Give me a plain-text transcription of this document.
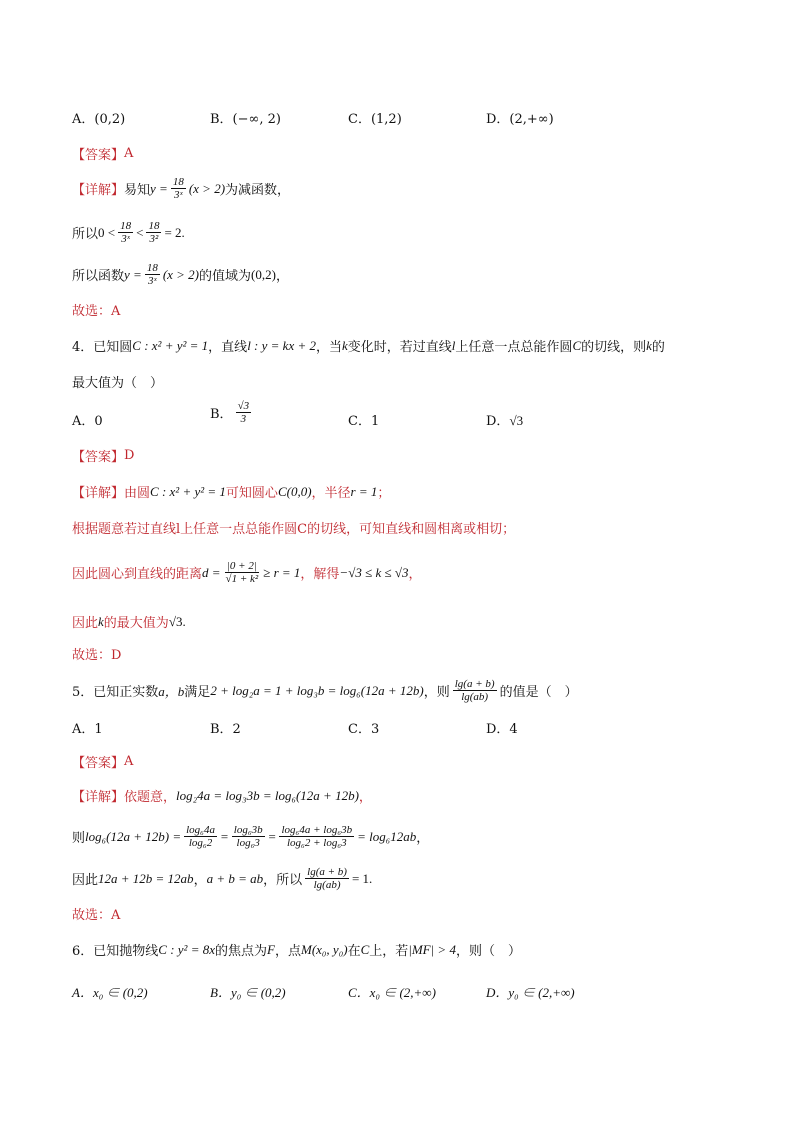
A．(0,2)	B．(−∞, 2)	C．(1,2)	D．(2,+∞)
【答案】 A
【详解】 易知 $y = \frac{18}{\text{3ˣ}} (x > 2)$ 为减函数，
所以 $0 < \frac{18}{\text{3ˣ}} < \frac{18}{\text{3²}} = 2$.
所以函数 $y = \frac{18}{\text{3ˣ}} (x > 2)$ 的值域为 (0,2) ，
故选：A
4．已知圆 C : x² + y² = 1 ，直线 l : y = kx + 2 ，当 k 变化时，若过直线 l 上任意一点总能作圆 C 的切线，则 k 的
最大值为（　）
A．0	B． $\frac{√3}{3}$	C．1	D．√3
【答案】 D
【详解】 由圆 C : x² + y² = 1 可知圆心 C(0,0) ，半径 r = 1 ；
根据题意若过直线l上任意一点总能作圆C的切线，可知直线和圆相离或相切；
因此圆心到直线的距离 $d = \frac{|0 + 2|}{\text{√1 + k²}} \ge r = 1$ ，解得 −√3 ≤ k ≤ √3 ，
因此 k 的最大值为 √3.
故选：D
5．已知正实数 a，b 满足 2 + log₂a = 1 + log₃b = log₆(12a + 12b) ，则 $\frac{\lg(a + b)}{\lg(ab)}$ 的值是（　）
A．1	B．2	C．3	D．4
【答案】 A
【详解】 依题意， log₂4a = log₃3b = log₆(12a + 12b) ，
则 $\log_6(12a + 12b) = \frac{\text{log₆4a}}{\text{log₆2}} = \frac{\text{log₆3b}}{\text{log₆3}} = \frac{\text{log₆4a + log₆3b}}{\text{log₆2 + log₆3}} = \log_612ab$ ，
因此 12a + 12b = 12ab ， a + b = ab ，所以 $\frac{\lg(a + b)}{\lg(ab)} = 1$.
故选：A
6．已知抛物线 C : y² = 8x 的焦点为 F ，点 M(x₀, y₀) 在 C 上，若 |MF| > 4 ，则（　）
A．x₀ ∈ (0,2)	B．y₀ ∈ (0,2)	C．x₀ ∈ (2,+∞)	D．y₀ ∈ (2,+∞)
